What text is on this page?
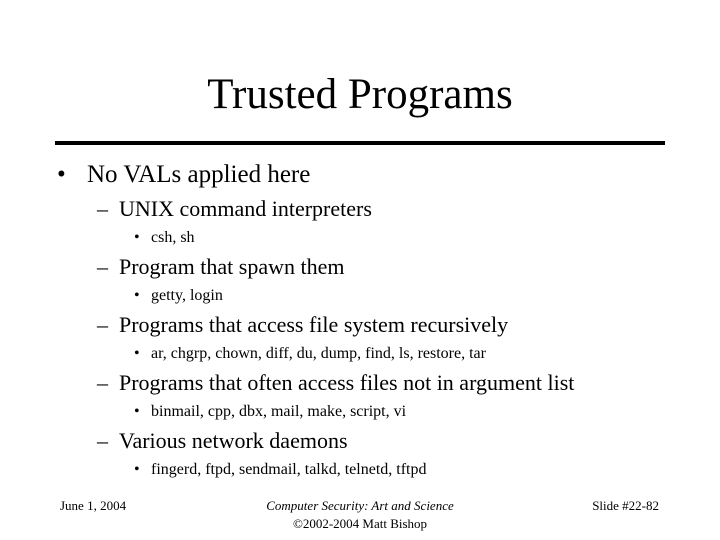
Trusted Programs
• No VALs applied here
– UNIX command interpreters
• csh, sh
– Program that spawn them
• getty, login
– Programs that access file system recursively
• ar, chgrp, chown, diff, du, dump, find, ls, restore, tar
– Programs that often access files not in argument list
• binmail, cpp, dbx, mail, make, script, vi
– Various network daemons
• fingerd, ftpd, sendmail, talkd, telnetd, tftpd
June 1, 2004	Computer Security: Art and Science
©2002-2004 Matt Bishop
Slide #22-82
